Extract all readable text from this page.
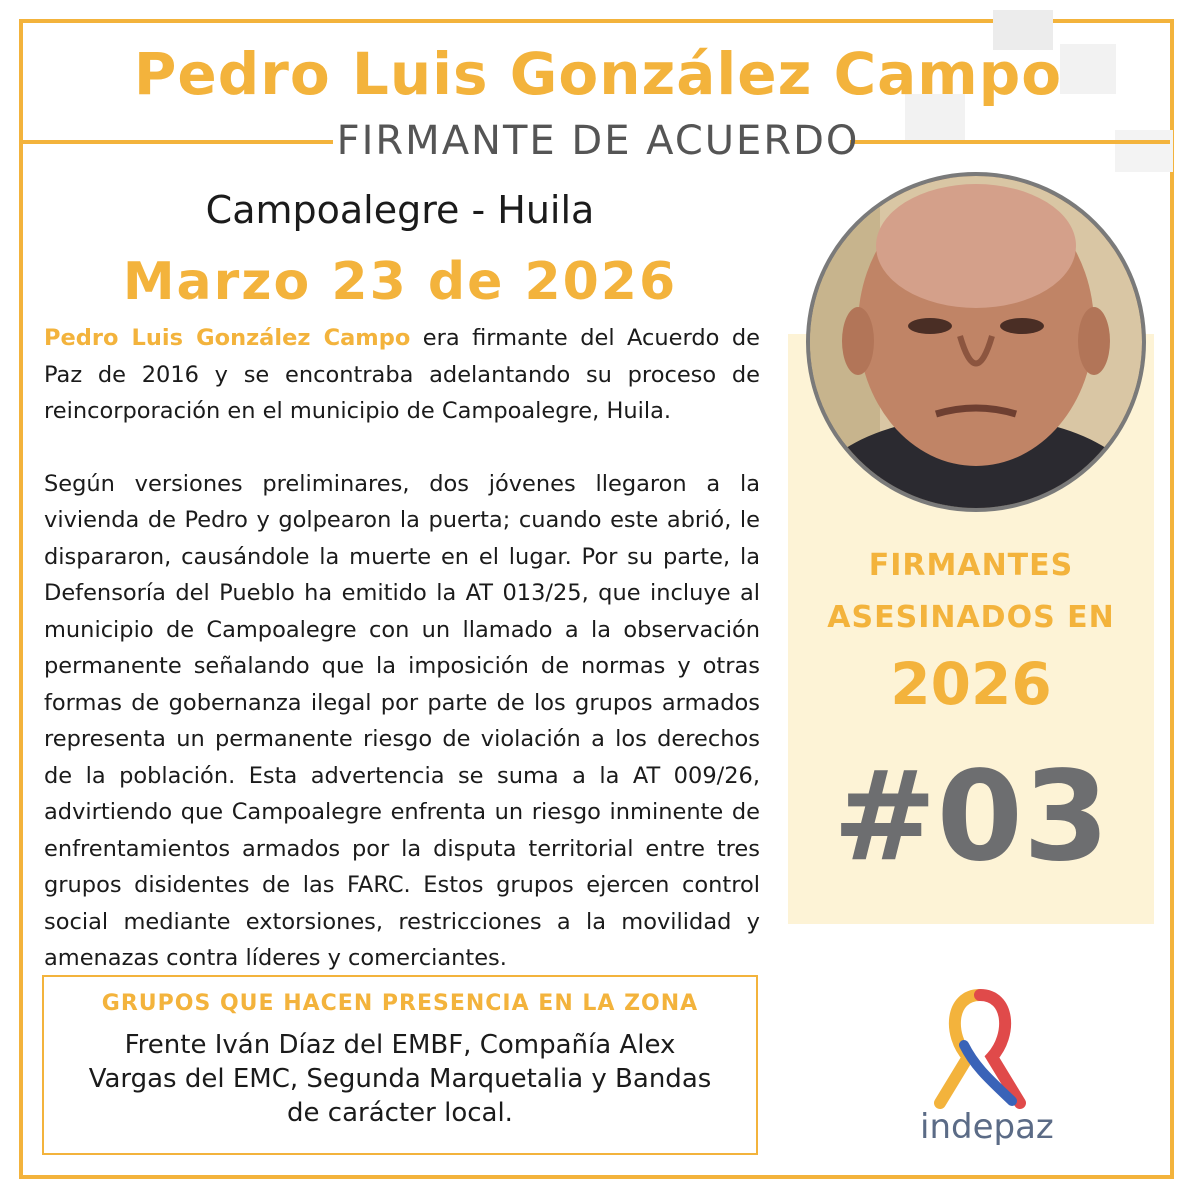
Pedro Luis González Campo
FIRMANTE DE ACUERDO
Campoalegre - Huila
Marzo 23 de 2026

Pedro Luis González Campo era firmante del Acuerdo de Paz de 2016 y se encontraba adelantando su proceso de reincorporación en el municipio de Campoalegre, Huila.

Según versiones preliminares, dos jóvenes llegaron a la vivienda de Pedro y golpearon la puerta; cuando este abrió, le dispararon, causándole la muerte en el lugar. Por su parte, la Defensoría del Pueblo ha emitido la AT 013/25, que incluye al municipio de Campoalegre con un llamado a la observación permanente señalando que la imposición de normas y otras formas de gobernanza ilegal por parte de los grupos armados representa un permanente riesgo de violación a los derechos de la población. Esta advertencia se suma a la AT 009/26, advirtiendo que Campoalegre enfrenta un riesgo inminente de enfrentamientos armados por la disputa territorial entre tres grupos disidentes de las FARC. Estos grupos ejercen control social mediante extorsiones, restricciones a la movilidad y amenazas contra líderes y comerciantes.

GRUPOS QUE HACEN PRESENCIA EN LA ZONA
Frente Iván Díaz del EMBF, Compañía Alex Vargas del EMC, Segunda Marquetalia y Bandas de carácter local.
FIRMANTES
ASESINADOS EN
2026
#03
indepaz
